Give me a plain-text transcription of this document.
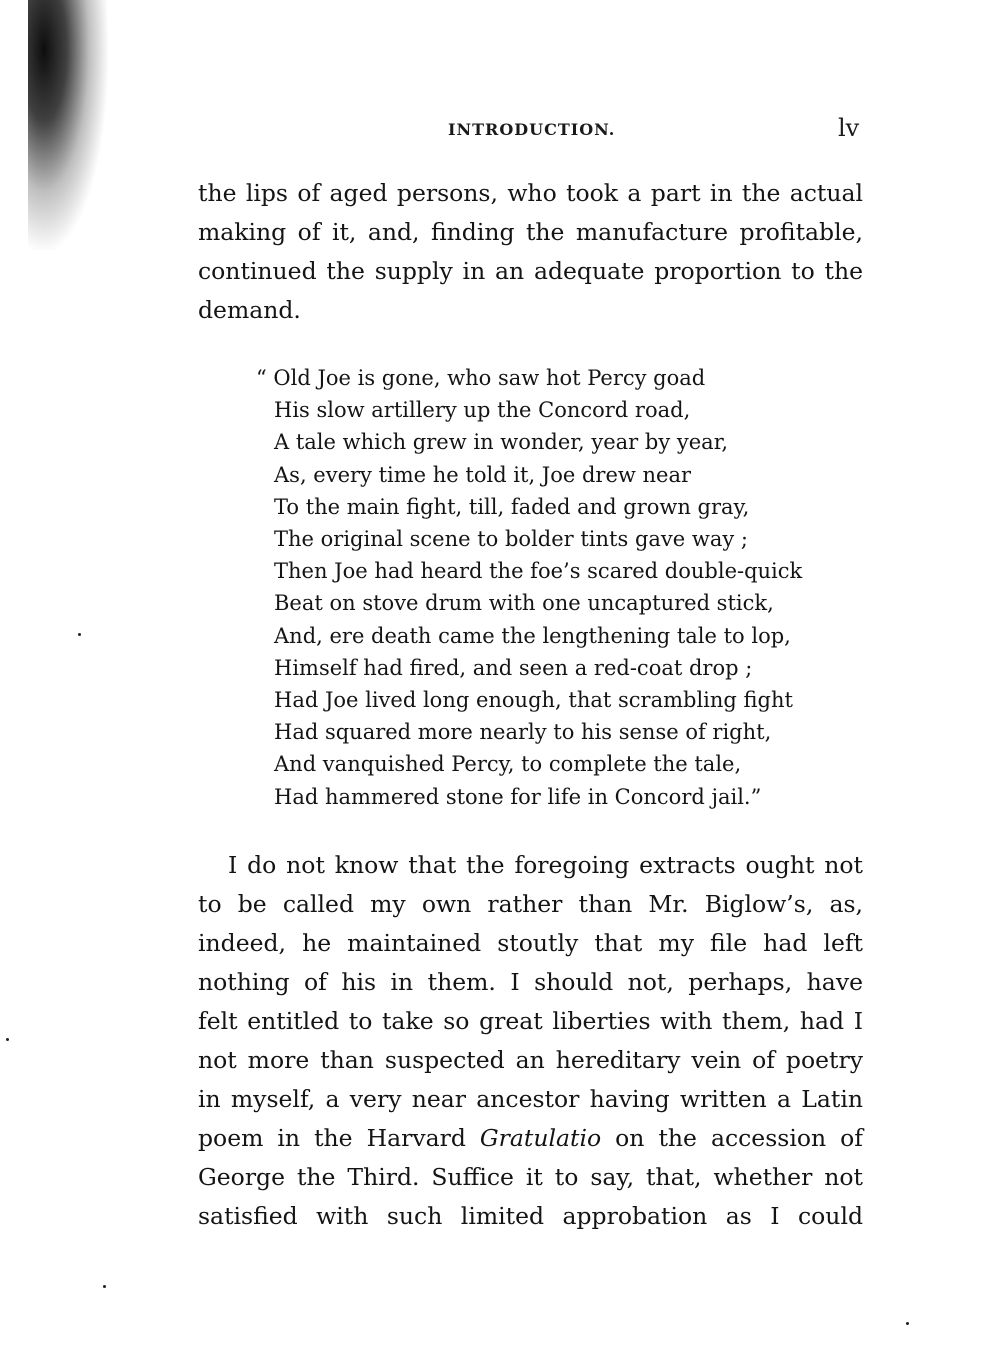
INTRODUCTION.	lv

the lips of aged persons, who took a part in the actual
making of it, and, finding the manufacture profitable,
continued the supply in an adequate proportion to the
demand.

“ Old Joe is gone, who saw hot Percy goad
His slow artillery up the Concord road,
A tale which grew in wonder, year by year,
As, every time he told it, Joe drew near
To the main fight, till, faded and grown gray,
The original scene to bolder tints gave way ;
Then Joe had heard the foe’s scared double-quick
Beat on stove drum with one uncaptured stick,
And, ere death came the lengthening tale to lop,
Himself had fired, and seen a red-coat drop ;
Had Joe lived long enough, that scrambling fight
Had squared more nearly to his sense of right,
And vanquished Percy, to complete the tale,
Had hammered stone for life in Concord jail.”

I do not know that the foregoing extracts ought not
to be called my own rather than Mr. Biglow’s, as,
indeed, he maintained stoutly that my file had left
nothing of his in them. I should not, perhaps, have
felt entitled to take so great liberties with them, had I
not more than suspected an hereditary vein of poetry
in myself, a very near ancestor having written a Latin
poem in the Harvard Gratulatio on the accession of
George the Third. Suffice it to say, that, whether not
satisfied with such limited approbation as I could
